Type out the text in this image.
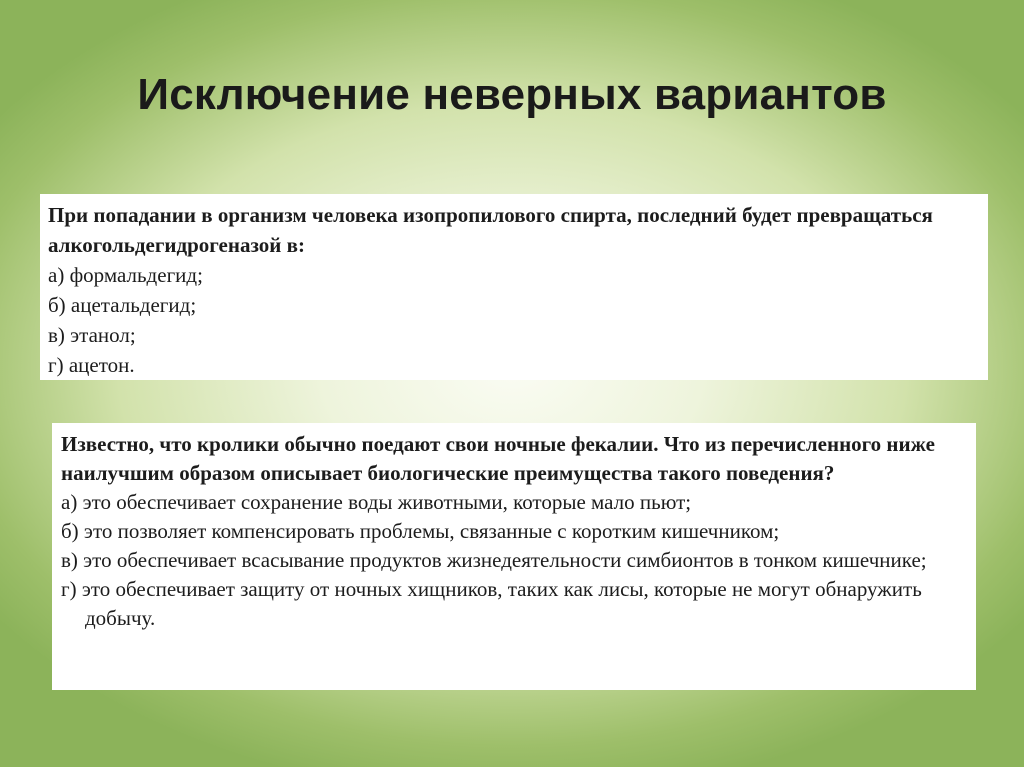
Исключение неверных вариантов

При попадании в организм человека изопропилового спирта, последний будет превращаться алкогольдегидрогеназой в:

а) формальдегид;

б) ацетальдегид;

в) этанол;

г) ацетон.

Известно, что кролики обычно поедают свои ночные фекалии. Что из перечисленного ниже наилучшим образом описывает биологические преимущества такого поведения?

а) это обеспечивает сохранение воды животными, которые мало пьют;

б) это позволяет компенсировать проблемы, связанные с коротким кишечником;

в) это обеспечивает всасывание продуктов жизнедеятельности симбионтов в тонком кишечнике;

г) это обеспечивает защиту от ночных хищников, таких как лисы, которые не могут обнаружить добычу.
